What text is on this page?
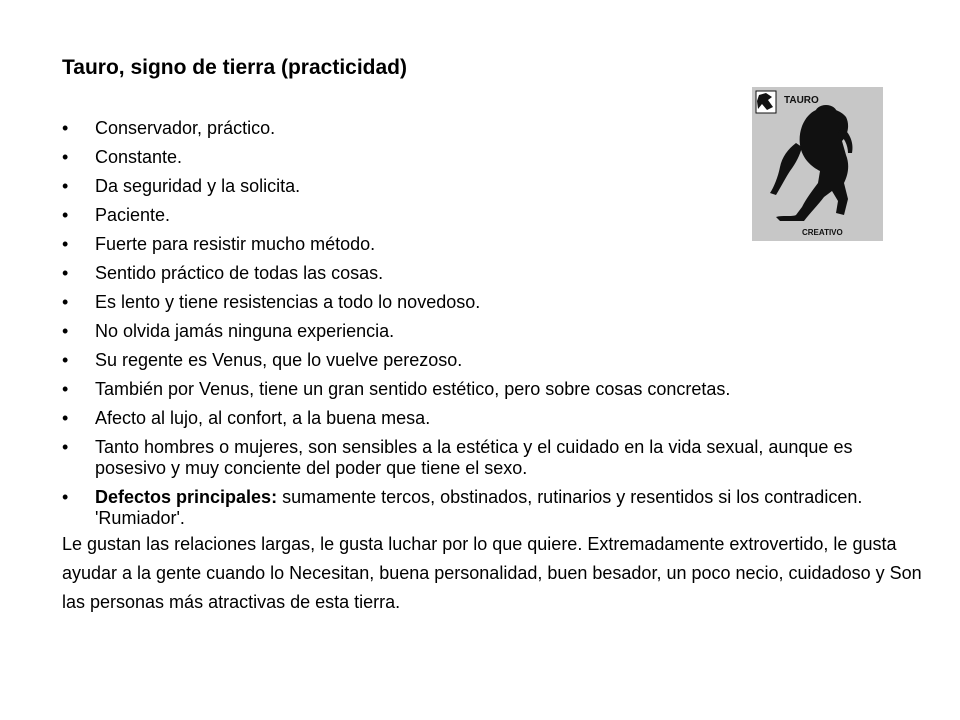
Tauro, signo de tierra (practicidad)
TAURO
CREATIVO
• Conservador, práctico.
• Constante.
• Da seguridad y la solicita.
• Paciente.
• Fuerte para resistir mucho método.
• Sentido práctico de todas las cosas.
• Es lento y tiene resistencias a todo lo novedoso.
• No olvida jamás ninguna experiencia.
• Su regente es Venus, que lo vuelve perezoso.
• También por Venus, tiene un gran sentido estético, pero sobre cosas concretas.
• Afecto al lujo, al confort, a la buena mesa.
• Tanto hombres o mujeres, son sensibles a la estética y el cuidado en la vida sexual, aunque es posesivo y muy conciente del poder que tiene el sexo.
• Defectos principales: sumamente tercos, obstinados, rutinarios y resentidos si los contradicen. 'Rumiador'.

Le gustan las relaciones largas, le gusta luchar por lo que quiere. Extremadamente extrovertido, le gusta ayudar a la gente cuando lo Necesitan, buena personalidad, buen besador, un poco necio, cuidadoso y Son las personas más atractivas de esta tierra.
